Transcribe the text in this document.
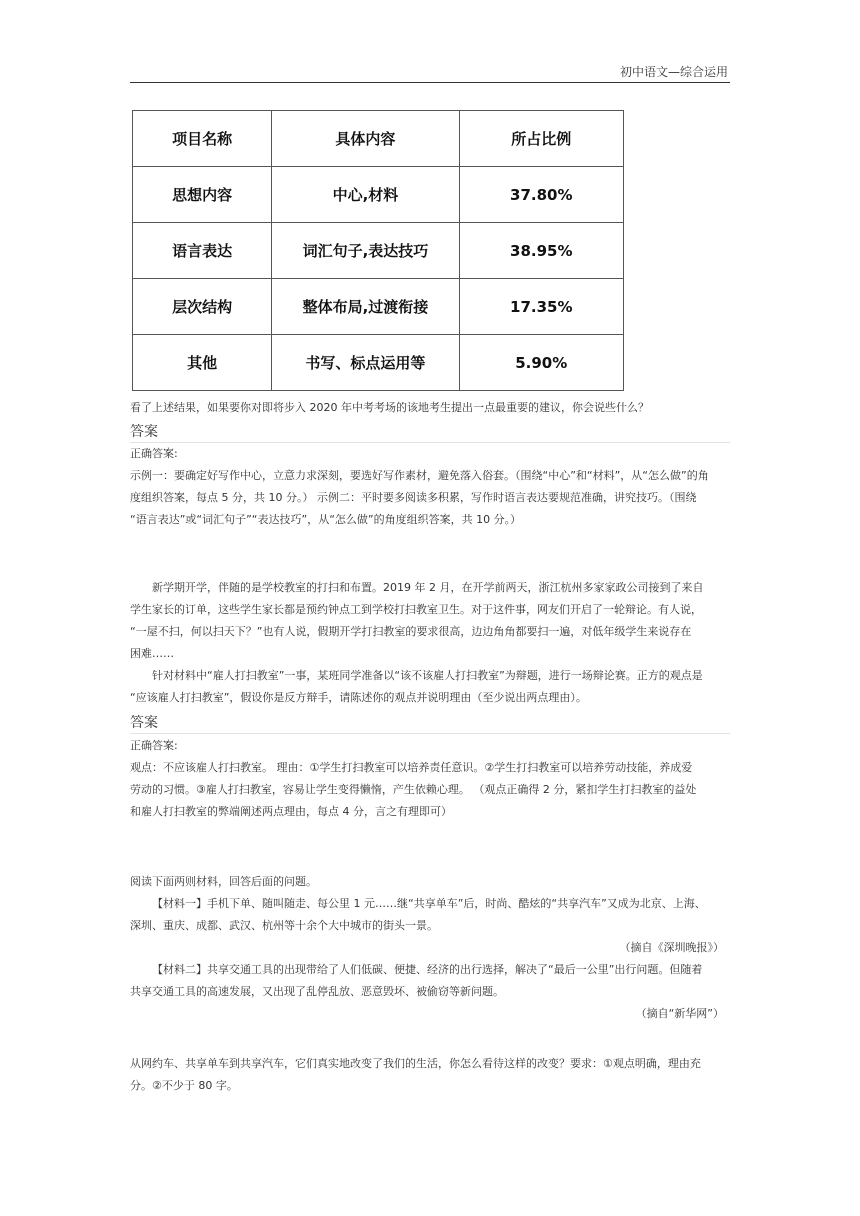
初中语文—综合运用
项目名称	具体内容	所占比例
思想内容	中心,材料	37.80%
语言表达	词汇句子,表达技巧	38.95%
层次结构	整体布局,过渡衔接	17.35%
其他	书写、标点运用等	5.90%
看了上述结果，如果要你对即将步入 2020 年中考考场的该地考生提出一点最重要的建议，你会说些什么？
答案

正确答案:

示例一：要确定好写作中心，立意力求深刻，要选好写作素材，避免落入俗套。（围绕“中心”和“材料”，从“怎么做”的角

度组织答案，每点 5 分，共 10 分。） 示例二：平时要多阅读多积累，写作时语言表达要规范准确，讲究技巧。（围绕

“语言表达”或“词汇句子”“表达技巧”，从“怎么做”的角度组织答案，共 10 分。）

新学期开学，伴随的是学校教室的打扫和布置。2019 年 2 月，在开学前两天，浙江杭州多家家政公司接到了来自

学生家长的订单，这些学生家长都是预约钟点工到学校打扫教室卫生。对于这件事，网友们开启了一轮辩论。有人说，

“一屋不扫，何以扫天下？”也有人说，假期开学打扫教室的要求很高，边边角角都要扫一遍，对低年级学生来说存在

困难……

针对材料中“雇人打扫教室”一事，某班同学准备以“该不该雇人打扫教室”为辩题，进行一场辩论赛。正方的观点是

“应该雇人打扫教室”，假设你是反方辩手，请陈述你的观点并说明理由（至少说出两点理由）。

答案

正确答案:

观点：不应该雇人打扫教室。 理由：①学生打扫教室可以培养责任意识。②学生打扫教室可以培养劳动技能，养成爱

劳动的习惯。③雇人打扫教室，容易让学生变得懒惰，产生依赖心理。 （观点正确得 2 分，紧扣学生打扫教室的益处

和雇人打扫教室的弊端阐述两点理由，每点 4 分，言之有理即可）

阅读下面两则材料，回答后面的问题。

【材料一】手机下单、随叫随走、每公里 1 元……继“共享单车”后，时尚、酷炫的“共享汽车”又成为北京、上海、

深圳、重庆、成都、武汉、杭州等十余个大中城市的街头一景。

（摘自《深圳晚报》）

【材料二】共享交通工具的出现带给了人们低碳、便捷、经济的出行选择，解决了“最后一公里”出行问题。但随着

共享交通工具的高速发展，又出现了乱停乱放、恶意毁坏、被偷窃等新问题。

（摘自“新华网”）

从网约车、共享单车到共享汽车，它们真实地改变了我们的生活，你怎么看待这样的改变？要求：①观点明确，理由充

分。②不少于 80 字。
